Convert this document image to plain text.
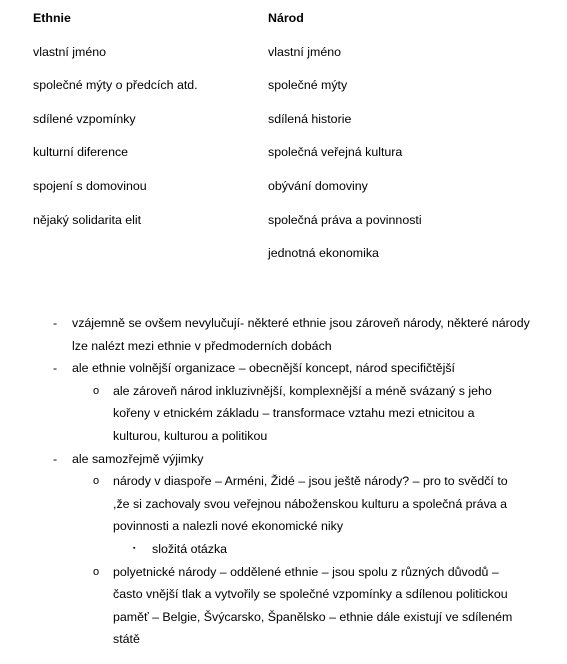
Ethnie
vlastní jméno
společné mýty o předcích atd.
sdílené vzpomínky
kulturní diference
spojení s domovinou
nějaký solidarita elit
Národ
vlastní jméno
společné mýty
sdílená historie
společná veřejná kultura
obývání domoviny
společná práva a povinnosti
jednotná ekonomika
- vzájemně se ovšem nevylučují- některé ethnie jsou zároveň národy, některé národy lze nalézt mezi ethnie v předmoderních dobách
- ale ethnie volnější organizace – obecnější koncept, národ specifičtější
o ale zároveň národ inkluzivnější, komplexnější a méně svázaný s jeho kořeny v etnickém základu – transformace vztahu mezi etnicitou a kulturou, kulturou a politikou
- ale samozřejmě výjimky
o národy v diaspoře – Arméni, Židé – jsou ještě národy? – pro to svědčí to ,že si zachovaly svou veřejnou náboženskou kulturu a společná práva a povinnosti a nalezli nové ekonomické niky
▪ složitá otázka
o polyetnické národy – oddělené ethnie – jsou spolu z různých důvodů – často vnější tlak a vytvořily se společné vzpomínky a sdílenou politickou paměť – Belgie, Švýcarsko, Španělsko – ethnie dále existují ve sdíleném státě
